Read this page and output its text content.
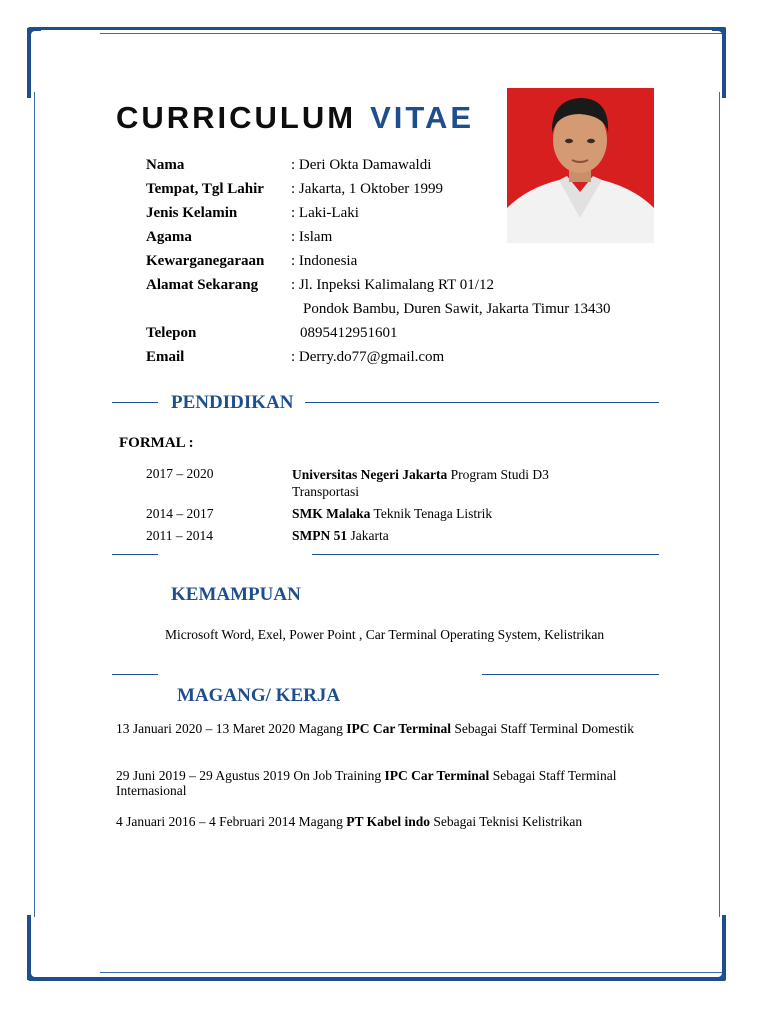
CURRICULUM VITAE
Nama	: Deri Okta Damawaldi
Tempat, Tgl Lahir : Jakarta, 1 Oktober 1999
Jenis Kelamin	: Laki-Laki
Agama	: Islam
Kewarganegaraan : Indonesia
Alamat Sekarang : Jl. Inpeksi Kalimalang RT 01/12
Pondok Bambu, Duren Sawit, Jakarta Timur 13430
Telepon	0895412951601
Email	: Derry.do77@gmail.com
PENDIDIKAN
FORMAL :
2017 – 2020	Universitas Negeri Jakarta Program Studi D3
Transportasi
2014 – 2017	SMK Malaka Teknik Tenaga Listrik
2011 – 2014	SMPN 51 Jakarta
KEMAMPUAN
Microsoft Word, Exel, Power Point , Car Terminal Operating System, Kelistrikan
MAGANG/ KERJA
13 Januari 2020 – 13 Maret 2020 Magang IPC Car Terminal Sebagai Staff Terminal Domestik
29 Juni 2019 – 29 Agustus 2019 On Job Training IPC Car Terminal Sebagai Staff Terminal Internasional
4 Januari 2016 – 4 Februari 2014 Magang PT Kabel indo Sebagai Teknisi Kelistrikan
